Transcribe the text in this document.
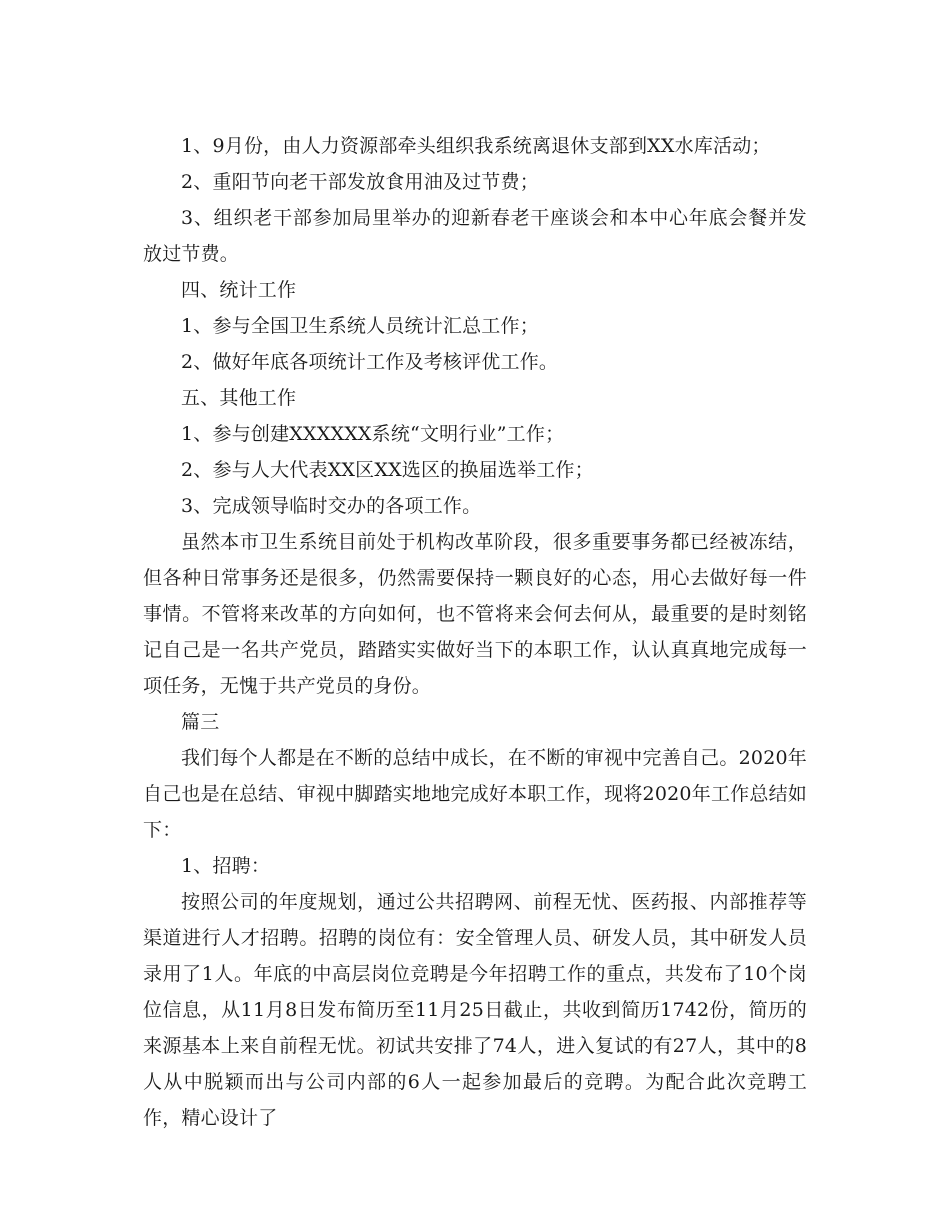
1、9月份，由人力资源部牵头组织我系统离退休支部到XX水库活动；

2、重阳节向老干部发放食用油及过节费；

3、组织老干部参加局里举办的迎新春老干座谈会和本中心年底会餐并发放过节费。

四、统计工作

1、参与全国卫生系统人员统计汇总工作；

2、做好年底各项统计工作及考核评优工作。

五、其他工作

1、参与创建XXXXXX系统“文明行业”工作；

2、参与人大代表XX区XX选区的换届选举工作；

3、完成领导临时交办的各项工作。

虽然本市卫生系统目前处于机构改革阶段，很多重要事务都已经被冻结，但各种日常事务还是很多，仍然需要保持一颗良好的心态，用心去做好每一件事情。不管将来改革的方向如何，也不管将来会何去何从，最重要的是时刻铭记自己是一名共产党员，踏踏实实做好当下的本职工作，认认真真地完成每一项任务，无愧于共产党员的身份。

篇三

我们每个人都是在不断的总结中成长，在不断的审视中完善自己。2020年自己也是在总结、审视中脚踏实地地完成好本职工作，现将2020年工作总结如下：

1、招聘：

按照公司的年度规划，通过公共招聘网、前程无忧、医药报、内部推荐等渠道进行人才招聘。招聘的岗位有：安全管理人员、研发人员，其中研发人员录用了1人。年底的中高层岗位竞聘是今年招聘工作的重点，共发布了10个岗位信息，从11月8日发布简历至11月25日截止，共收到简历1742份，简历的来源基本上来自前程无忧。初试共安排了74人，进入复试的有27人，其中的8人从中脱颖而出与公司内部的6人一起参加最后的竞聘。为配合此次竞聘工作，精心设计了
